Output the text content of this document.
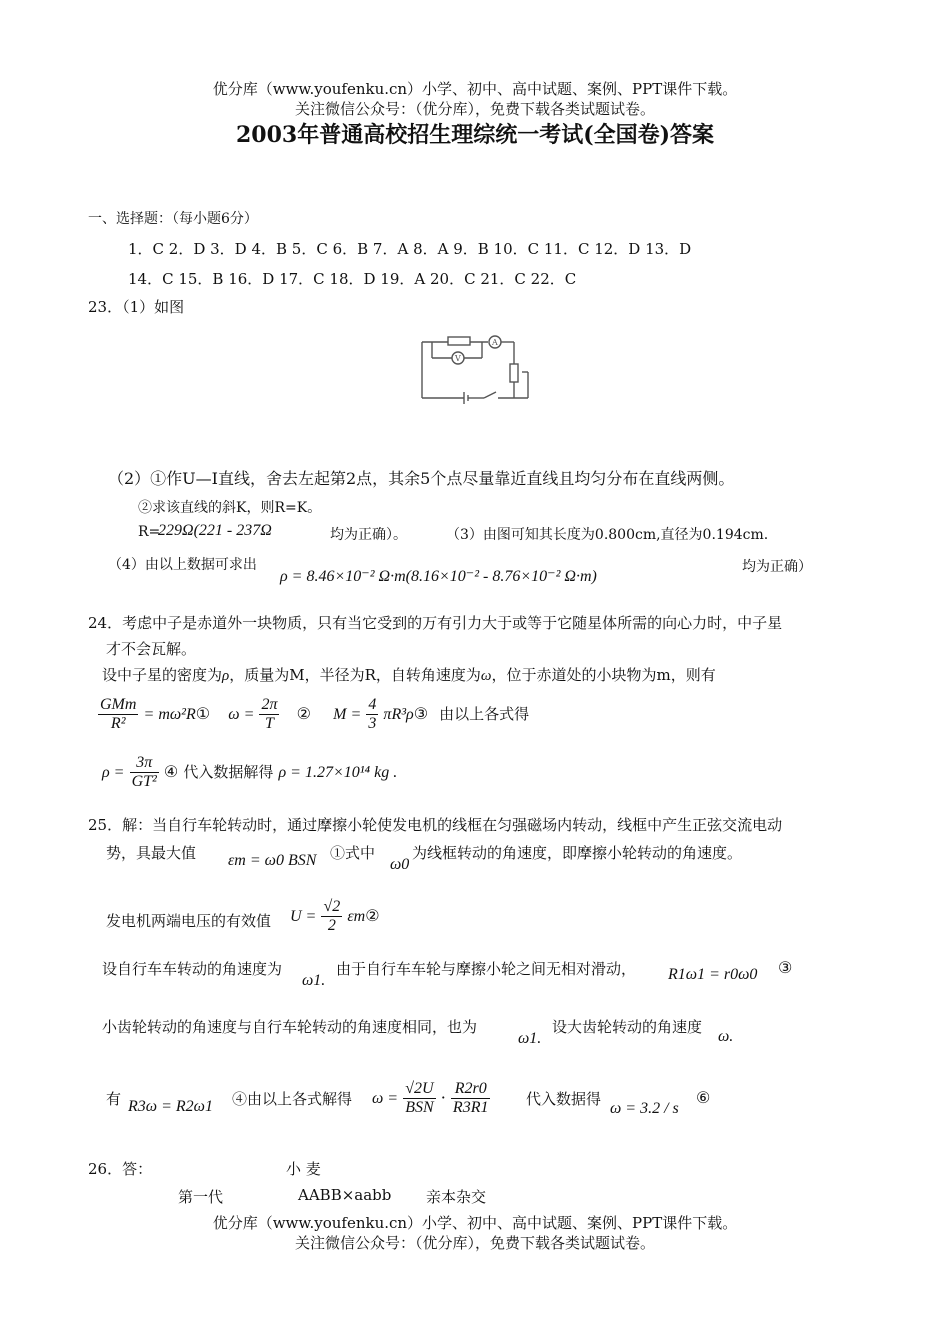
优分库（www.youfenku.cn）小学、初中、高中试题、案例、PPT课件下载。
关注微信公众号：（优分库），免费下载各类试题试卷。
2003年普通高校招生理综统一考试(全国卷)答案
一、选择题：（每小题6分）
1．C 2．D 3．D 4．B 5．C 6．B 7．A 8．A 9．B 10．C 11．C 12．D 13．D
14．C 15．B 16．D 17．C 18．D 19．A 20．C 21．C 22．C
23．（1）如图
V
A
（2）①作U—I直线，舍去左起第2点，其余5个点尽量靠近直线且均匀分布在直线两侧。
②求该直线的斜K，则R=K。
R=
229Ω(221 - 237Ω	均为正确）。	（3）由图可知其长度为0.800cm,直径为0.194cm.
（4）由以上数据可求出
ρ = 8.46×10⁻² Ω·m(8.16×10⁻² - 8.76×10⁻² Ω·m)
均为正确）
24．考虑中子是赤道外一块物质，只有当它受到的万有引力大于或等于它随星体所需的向心力时，中子星
才不会瓦解。
设中子星的密度为ρ，质量为M，半径为R，自转角速度为ω，位于赤道处的小块物为m，则有
$\frac{\text{GMm}}{\text{R²}}$ = mω²R① $\omega = \frac{2\pi}{T}$ ② $M = \frac{4}{3}$ πR³ρ③ 由以上各式得
$\rho = \frac{3\pi}{\text{GT²}}$ ④ 代入数据解得 ρ = 1.27×10¹⁴ kg .
25．解：当自行车轮转动时，通过摩擦小轮使发电机的线框在匀强磁场内转动，线框中产生正弦交流电动
势，具最大值 εm = ω0 BSN ①式中
ω0
为线框转动的角速度，即摩擦小轮转动的角速度。
发电机两端电压的有效值 $U = \frac{√2}{2}$ εm②
设自行车车转动的角速度为
ω1.
由于自行车车轮与摩擦小轮之间无相对滑动， R1ω1 = r0ω0 ③
小齿轮转动的角速度与自行车轮转动的角速度相同，也为
ω1.
设大齿轮转动的角速度
ω.
有 R3ω = R2ω1 ④由以上各式解得 $\omega = \frac{√2U}{\text{BSN}} \cdot \frac{R2r0}{R3R1}$ 代入数据得
ω = 3.2 / s
⑥
26．答：	小 麦
第一代	AABB×aabb 亲本杂交
优分库（www.youfenku.cn）小学、初中、高中试题、案例、PPT课件下载。
关注微信公众号：（优分库），免费下载各类试题试卷。
